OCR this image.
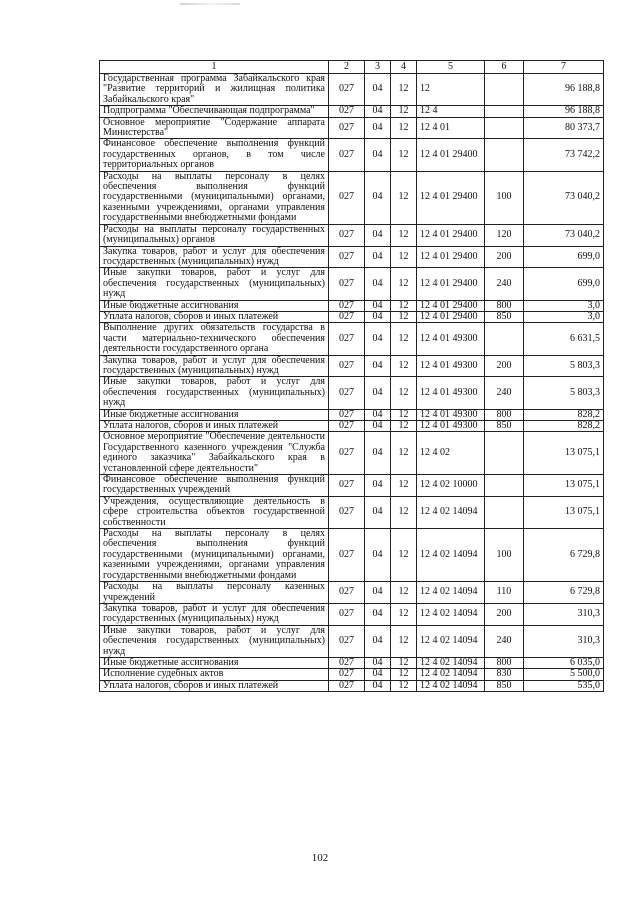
1	2	3	4	5	6	7
Государственная программа Забайкальского края "Развитие территорий и жилищная политика Забайкальского края"	027	04	12	12		96 188,8
Подпрограмма "Обеспечивающая подпрограмма"	027	04	12	12 4		96 188,8
Основное мероприятие "Содержание аппарата Министерства"	027	04	12	12 4 01		80 373,7
Финансовое обеспечение выполнения функций государственных органов, в том числе территориальных органов	027	04	12	12 4 01 29400		73 742,2
Расходы на выплаты персоналу в целях обеспечения выполнения функций государственными (муниципальными) органами, казенными учреждениями, органами управления государственными внебюджетными фондами	027	04	12	12 4 01 29400	100	73 040,2
Расходы на выплаты персоналу государственных (муниципальных) органов	027	04	12	12 4 01 29400	120	73 040,2
Закупка товаров, работ и услуг для обеспечения государственных (муниципальных) нужд	027	04	12	12 4 01 29400	200	699,0
Иные закупки товаров, работ и услуг для обеспечения государственных (муниципальных) нужд	027	04	12	12 4 01 29400	240	699,0
Иные бюджетные ассигнования	027	04	12	12 4 01 29400	800	3,0
Уплата налогов, сборов и иных платежей	027	04	12	12 4 01 29400	850	3,0
Выполнение других обязательств государства в части материально-технического обеспечения деятельности государственного органа	027	04	12	12 4 01 49300		6 631,5
Закупка товаров, работ и услуг для обеспечения государственных (муниципальных) нужд	027	04	12	12 4 01 49300	200	5 803,3
Иные закупки товаров, работ и услуг для обеспечения государственных (муниципальных) нужд	027	04	12	12 4 01 49300	240	5 803,3
Иные бюджетные ассигнования	027	04	12	12 4 01 49300	800	828,2
Уплата налогов, сборов и иных платежей	027	04	12	12 4 01 49300	850	828,2
Основное мероприятие "Обеспечение деятельности Государственного казенного учреждения "Служба единого заказчика" Забайкальского края в установленной сфере деятельности"	027	04	12	12 4 02		13 075,1
Финансовое обеспечение выполнения функций государственных учреждений	027	04	12	12 4 02 10000		13 075,1
Учреждения, осуществляющие деятельность в сфере строительства объектов государственной собственности	027	04	12	12 4 02 14094		13 075,1
Расходы на выплаты персоналу в целях обеспечения выполнения функций государственными (муниципальными) органами, казенными учреждениями, органами управления государственными внебюджетными фондами	027	04	12	12 4 02 14094	100	6 729,8
Расходы на выплаты персоналу казенных учреждений	027	04	12	12 4 02 14094	110	6 729,8
Закупка товаров, работ и услуг для обеспечения государственных (муниципальных) нужд	027	04	12	12 4 02 14094	200	310,3
Иные закупки товаров, работ и услуг для обеспечения государственных (муниципальных) нужд	027	04	12	12 4 02 14094	240	310,3
Иные бюджетные ассигнования	027	04	12	12 4 02 14094	800	6 035,0
Исполнение судебных актов	027	04	12	12 4 02 14094	830	5 500,0
Уплата налогов, сборов и иных платежей	027	04	12	12 4 02 14094	850	535,0
102
